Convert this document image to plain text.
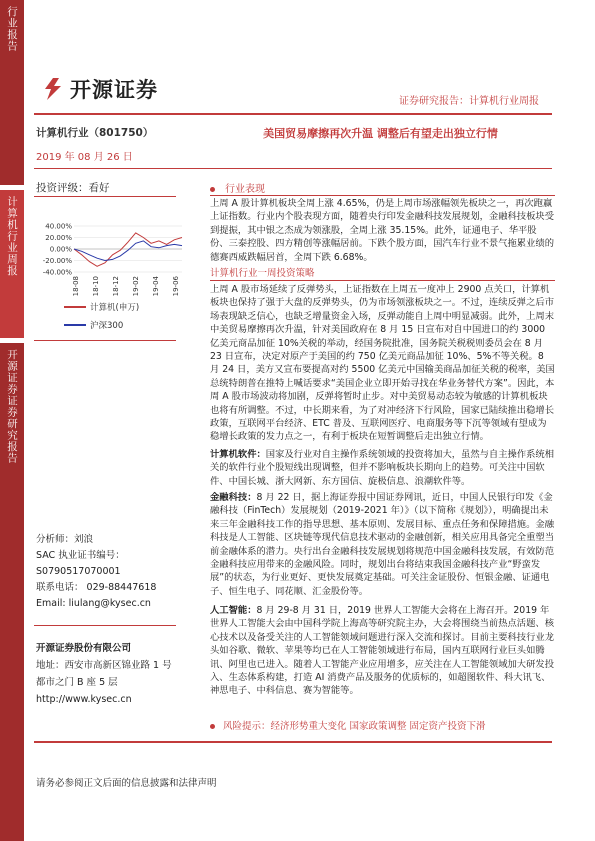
行业报告
计算机行业周报
开源证券证券研究报告
开源证券	证券研究报告：计算机行业周报
计算机行业（801750）
2019 年 08 月 26 日
美国贸易摩擦再次升温 调整后有望走出独立行情
投资评级：看好
40.00%
20.00%
0.00%
-20.00%
-40.00%
18-08 18-10 18-12 19-02 19-04 19-06
计算机(申万)
沪深300
分析师：刘浪
SAC 执业证书编号：
S0790517070001
联系电话： 029-88447618
Email: liulang@kysec.cn
开源证券股份有限公司
地址：西安市高新区锦业路 1 号
都市之门 B 座 5 层
http://www.kysec.cn
行业表现
上周 A 股计算机板块全周上涨 4.65%，仍是上周市场涨幅领先板块之一，再次跑赢上证指数。行业内个股表现方面，随着央行印发金融科技发展规划，金融科技板块受到提振，其中银之杰成为领涨股，全周上涨 35.15%。此外，证通电子、华平股份、三泰控股、四方精创等涨幅居前。下跌个股方面，国汽车行业不景气拖累业绩的德赛西威跌幅居首，全周下跌 6.68%。
计算机行业一周投资策略
上周 A 股市场延续了反弹势头，上证指数在上周五一度冲上 2900 点关口，计算机板块也保持了强于大盘的反弹势头，仍为市场领涨板块之一。不过，连续反弹之后市场表现缺乏信心，也缺乏增量资金入场，反弹动能自上周中明显减弱。此外，上周末中美贸易摩擦再次升温，针对美国政府在 8 月 15 日宣布对自中国进口的约 3000 亿美元商品加征 10%关税的举动，经国务院批准，国务院关税税则委员会在 8 月 23 日宣布，决定对原产于美国的约 750 亿美元商品加征 10%、5%不等关税。8 月 24 日，美方又宣布要提高对约 5500 亿美元中国输美商品加征关税的税率，美国总统特朗普在推特上喊话要求“美国企业立即开始寻找在华业务替代方案”。因此，本周 A 股市场波动将加剧，反弹将暂时止步。对中美贸易动态较为敏感的计算机板块也将有所调整。不过，中长期来看，为了对冲经济下行风险，国家已陆续推出稳增长政策，互联网平台经济、ETC 普及、互联网医疗、电商服务等下沉等领域有望成为稳增长政策的发力点之一，有利于板块在短暂调整后走出独立行情。
计算机软件：国家及行业对自主操作系统领域的投资将加大，虽然与自主操作系统相关的软件行业个股短线出现调整，但并不影响板块长期向上的趋势。可关注中国软件、中国长城、浙大网新、东方国信、旋极信息、浪潮软件等。
金融科技：8 月 22 日，据上海证券报中国证券网讯，近日，中国人民银行印发《金融科技（FinTech）发展规划（2019-2021 年）》（以下简称《规划》），明确提出未来三年金融科技工作的指导思想、基本原则、发展目标、重点任务和保障措施。金融科技是人工智能、区块链等现代信息技术驱动的金融创新，相关应用具备完全重塑当前金融体系的潜力。央行出台金融科技发展规划将规范中国金融科技发展，有效防范金融科技应用带来的金融风险。同时，规划出台将结束我国金融科技产业“野蛮发展”的状态，为行业更好、更快发展奠定基础。可关注金证股份、恒银金融、证通电子、恒生电子、同花顺、汇金股份等。
人工智能：8 月 29-8 月 31 日，2019 世界人工智能大会将在上海召开。2019 年世界人工智能大会由中国科学院上海高等研究院主办，大会将围绕当前热点活题、核心技术以及备受关注的人工智能领域问题进行深入交流和探讨。目前主要科技行业龙头如谷歌、微软、苹果等均已在人工智能领域进行布局，国内互联网行业巨头如腾讯、阿里也已进入。随着人工智能产业应用增多，应关注在人工智能领域加大研发投入、生态体系构建，打造 AI 消费产品及服务的优质标的，如超图软件、科大讯飞、神思电子、中科信息、赛为智能等。
风险提示：经济形势重大变化 国家政策调整 固定资产投资下滑
请务必参阅正文后面的信息披露和法律声明
